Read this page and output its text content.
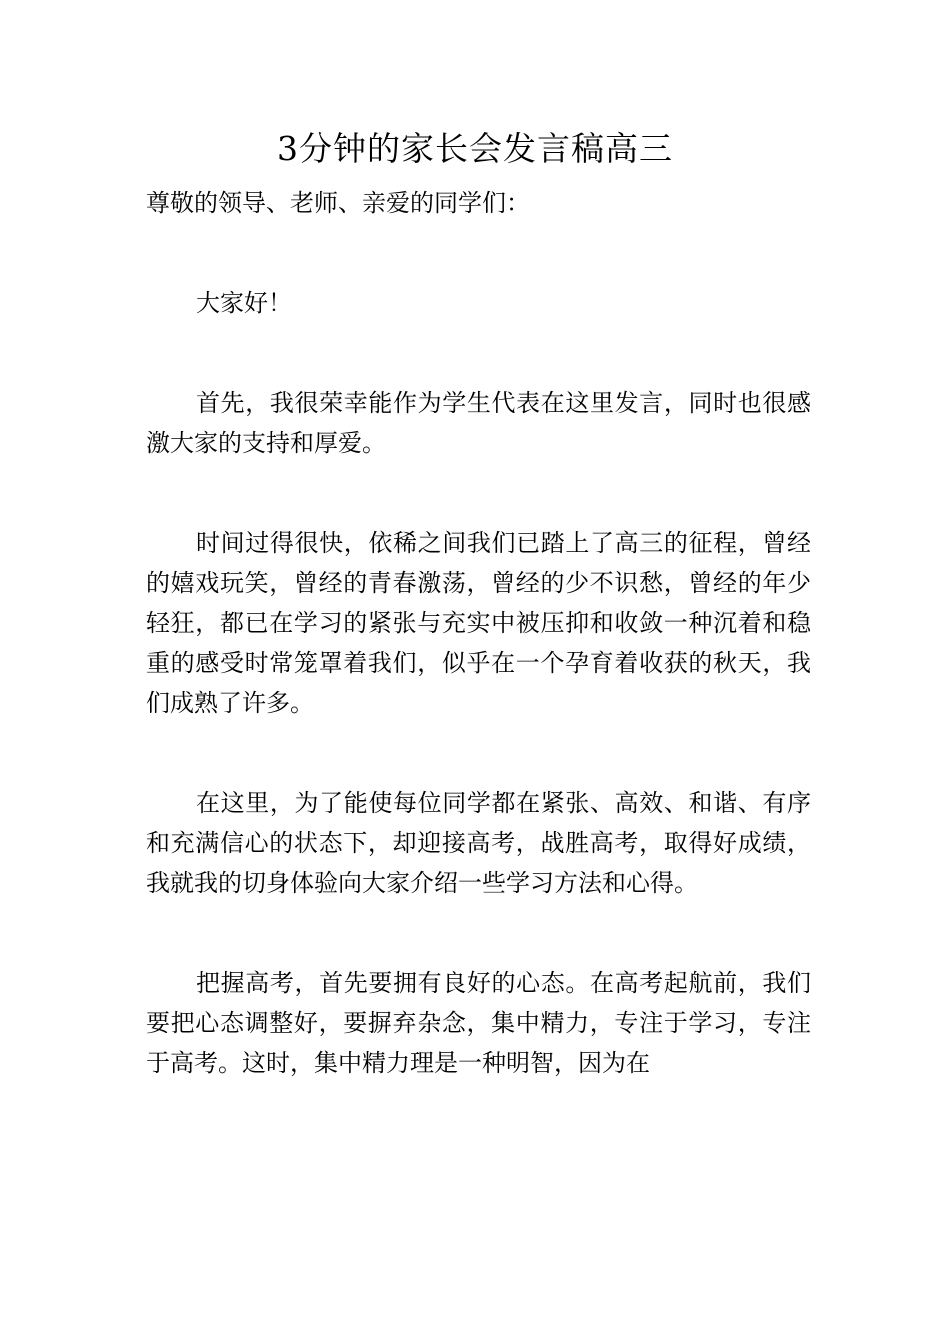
3分钟的家长会发言稿高三

尊敬的领导、老师、亲爱的同学们：

大家好！

首先，我很荣幸能作为学生代表在这里发言，同时也很感激大家的支持和厚爱。

时间过得很快，依稀之间我们已踏上了高三的征程，曾经的嬉戏玩笑，曾经的青春激荡，曾经的少不识愁，曾经的年少轻狂，都已在学习的紧张与充实中被压抑和收敛一种沉着和稳重的感受时常笼罩着我们，似乎在一个孕育着收获的秋天，我们成熟了许多。

在这里，为了能使每位同学都在紧张、高效、和谐、有序和充满信心的状态下，却迎接高考，战胜高考，取得好成绩，我就我的切身体验向大家介绍一些学习方法和心得。

把握高考，首先要拥有良好的心态。在高考起航前，我们要把心态调整好，要摒弃杂念，集中精力，专注于学习，专注于高考。这时，集中精力理是一种明智，因为在
